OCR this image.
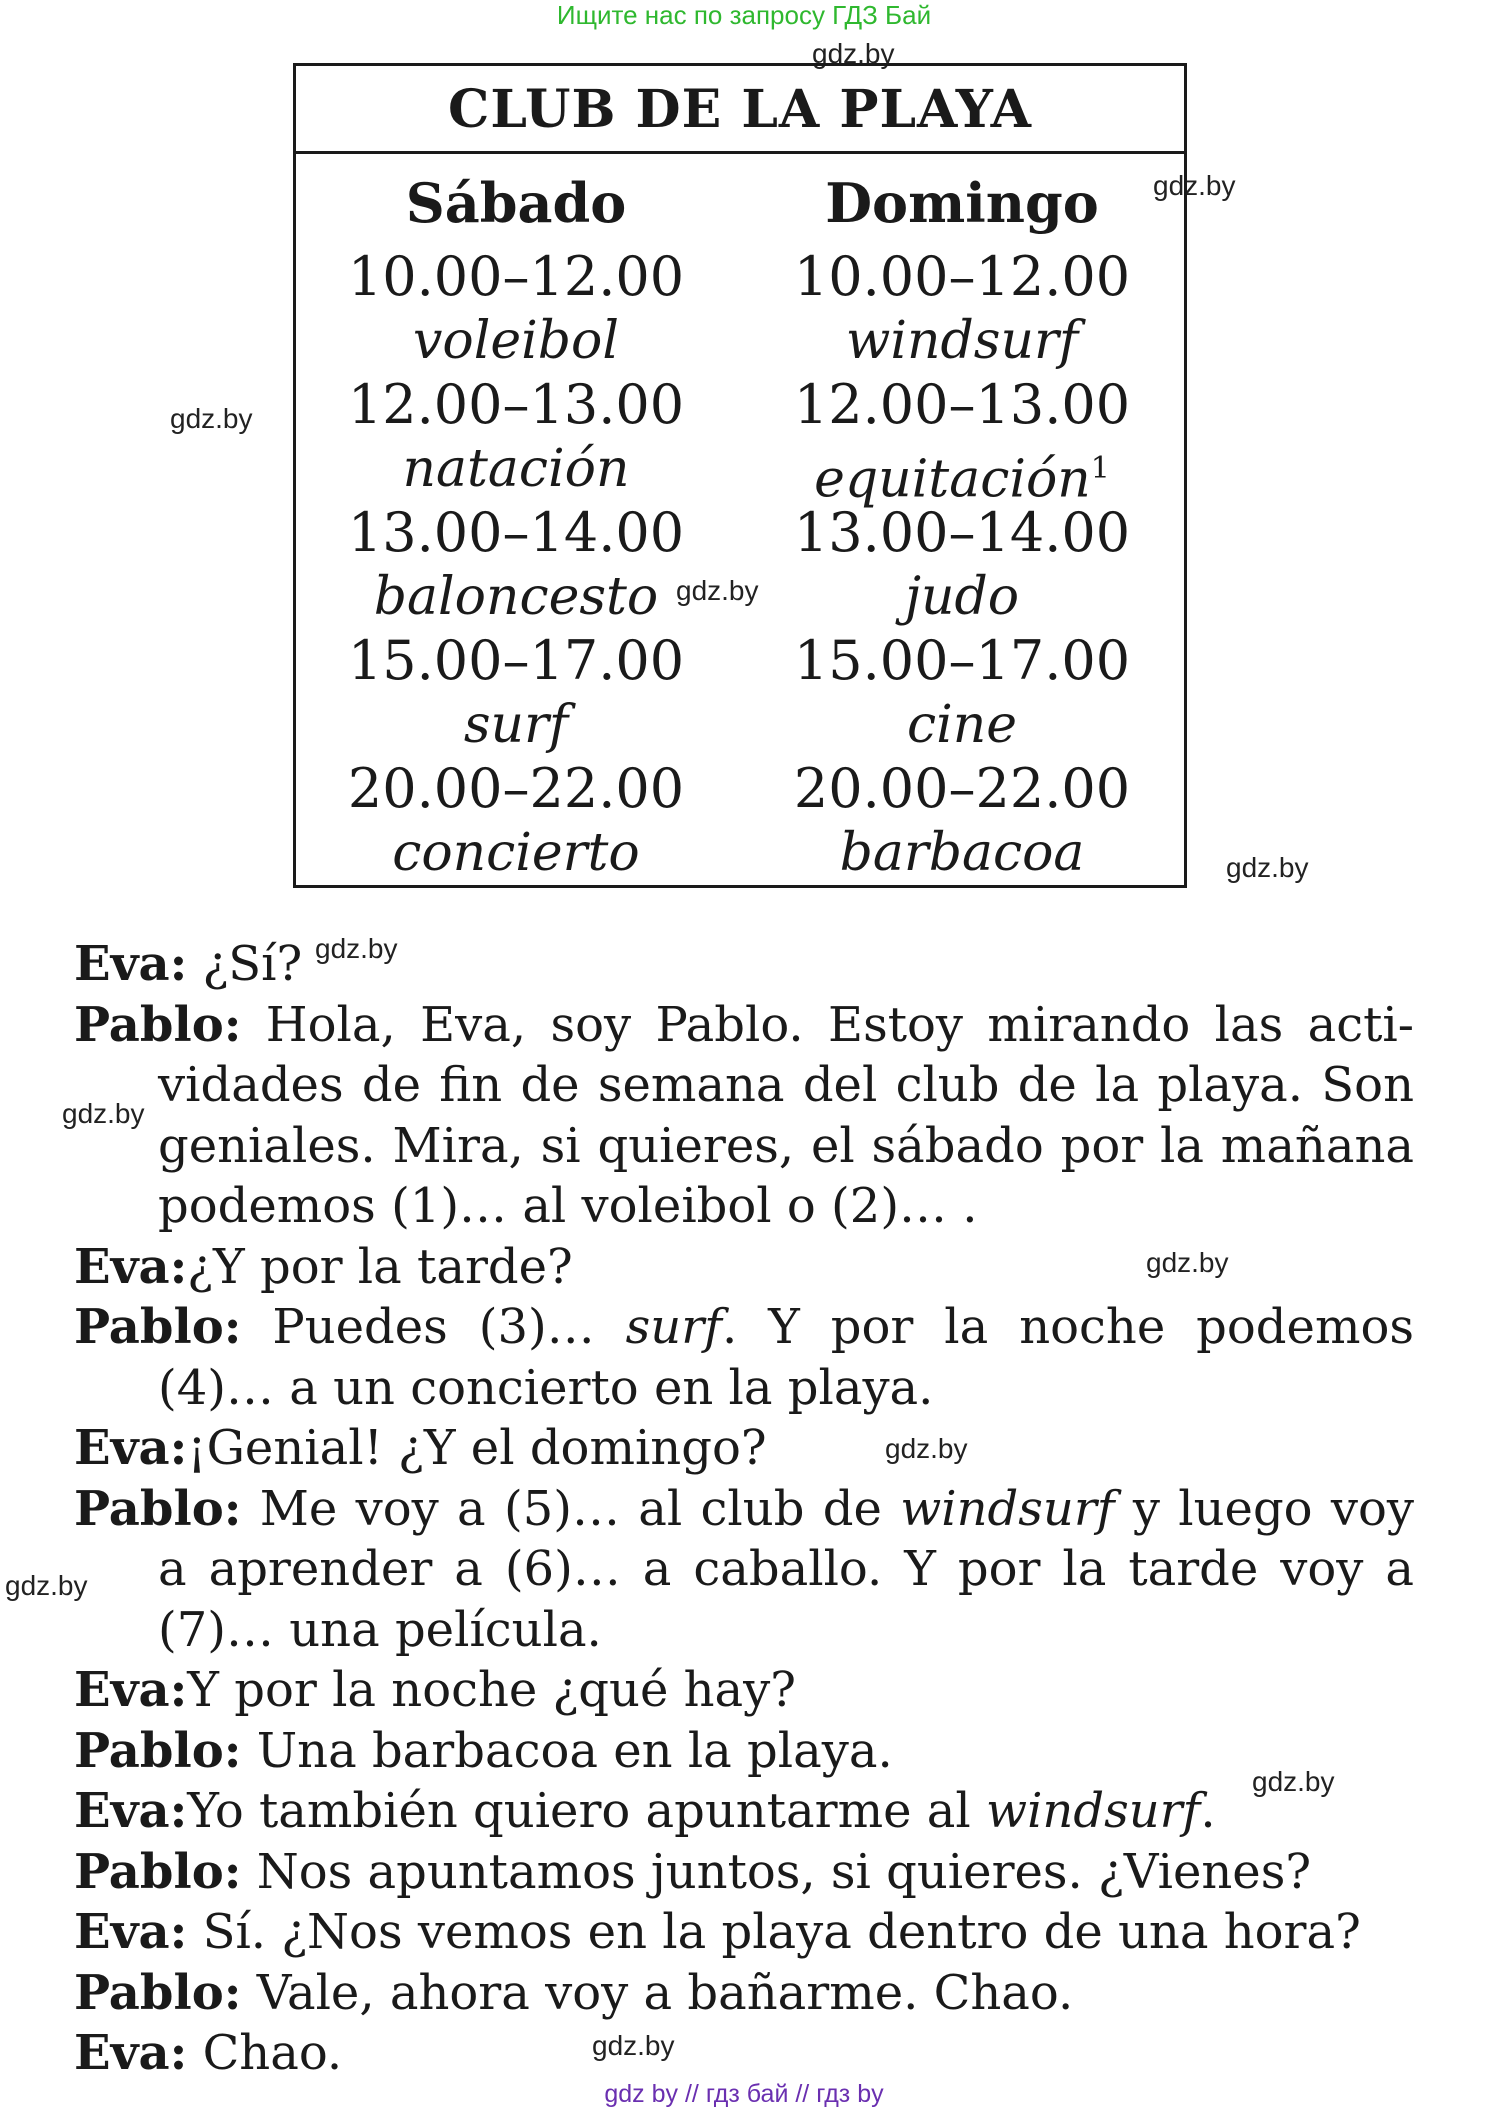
Ищите нас по запросу ГДЗ Бай
gdz.by
gdz.by
gdz.by
gdz.by
gdz.by
gdz.by
gdz.by
gdz.by
gdz.by
gdz.by
gdz.by
gdz.by
CLUB DE LA PLAYA
Sábado
10.00–12.00
voleibol
12.00–13.00
natación
13.00–14.00
baloncesto
15.00–17.00
surf
20.00–22.00
concierto
Domingo
10.00–12.00
windsurf
12.00–13.00
equitación$^1$
13.00–14.00
judo
15.00–17.00
cine
20.00–22.00
barbacoa
Eva: ¿Sí?
Pablo: Hola, Eva, soy Pablo. Estoy mirando las acti-
vidades de fin de semana del club de la playa. Son
geniales. Mira, si quieres, el sábado por la mañana
podemos (1)… al voleibol o (2)… .
Eva:¿Y por la tarde?
Pablo: Puedes (3)… surf. Y por la noche podemos
(4)… a un concierto en la playa.
Eva:¡Genial! ¿Y el domingo?
Pablo: Me voy a (5)… al club de windsurf y luego voy
a aprender a (6)… a caballo. Y por la tarde voy a
(7)… una película.
Eva:Y por la noche ¿qué hay?
Pablo: Una barbacoa en la playa.
Eva:Yo también quiero apuntarme al windsurf.
Pablo: Nos apuntamos juntos, si quieres. ¿Vienes?
Eva: Sí. ¿Nos vemos en la playa dentro de una hora?
Pablo: Vale, ahora voy a bañarme. Chao.
Eva: Chao.
gdz by // гдз бай // гдз by
